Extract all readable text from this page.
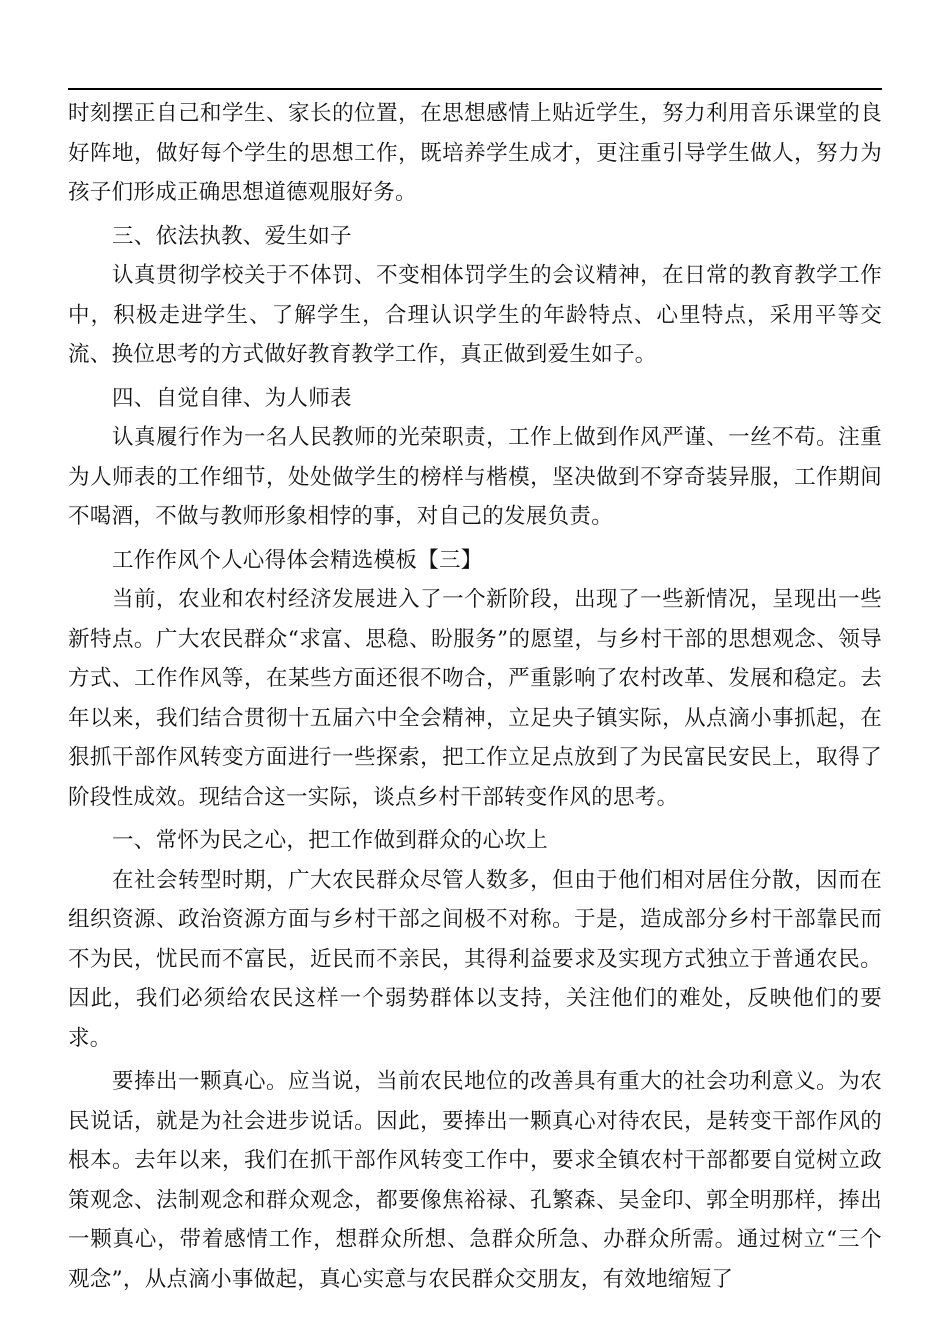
时刻摆正自己和学生、家长的位置，在思想感情上贴近学生，努力利用音乐课堂的良好阵地，做好每个学生的思想工作，既培养学生成才，更注重引导学生做人，努力为孩子们形成正确思想道德观服好务。

三、依法执教、爱生如子

认真贯彻学校关于不体罚、不变相体罚学生的会议精神，在日常的教育教学工作中，积极走进学生、了解学生，合理认识学生的年龄特点、心里特点，采用平等交流、换位思考的方式做好教育教学工作，真正做到爱生如子。

四、自觉自律、为人师表

认真履行作为一名人民教师的光荣职责，工作上做到作风严谨、一丝不苟。注重为人师表的工作细节，处处做学生的榜样与楷模，坚决做到不穿奇装异服，工作期间不喝酒，不做与教师形象相悖的事，对自己的发展负责。

工作作风个人心得体会精选模板【三】

当前，农业和农村经济发展进入了一个新阶段，出现了一些新情况，呈现出一些新特点。广大农民群众“求富、思稳、盼服务”的愿望，与乡村干部的思想观念、领导方式、工作作风等，在某些方面还很不吻合，严重影响了农村改革、发展和稳定。去年以来，我们结合贯彻十五届六中全会精神，立足央子镇实际，从点滴小事抓起，在狠抓干部作风转变方面进行一些探索，把工作立足点放到了为民富民安民上，取得了阶段性成效。现结合这一实际，谈点乡村干部转变作风的思考。

一、常怀为民之心，把工作做到群众的心坎上

在社会转型时期，广大农民群众尽管人数多，但由于他们相对居住分散，因而在组织资源、政治资源方面与乡村干部之间极不对称。于是，造成部分乡村干部靠民而不为民，忧民而不富民，近民而不亲民，其得利益要求及实现方式独立于普通农民。因此，我们必须给农民这样一个弱势群体以支持，关注他们的难处，反映他们的要求。

要捧出一颗真心。应当说，当前农民地位的改善具有重大的社会功利意义。为农民说话，就是为社会进步说话。因此，要捧出一颗真心对待农民，是转变干部作风的根本。去年以来，我们在抓干部作风转变工作中，要求全镇农村干部都要自觉树立政策观念、法制观念和群众观念，都要像焦裕禄、孔繁森、吴金印、郭全明那样，捧出一颗真心，带着感情工作，想群众所想、急群众所急、办群众所需。通过树立“三个观念”，从点滴小事做起，真心实意与农民群众交朋友，有效地缩短了
